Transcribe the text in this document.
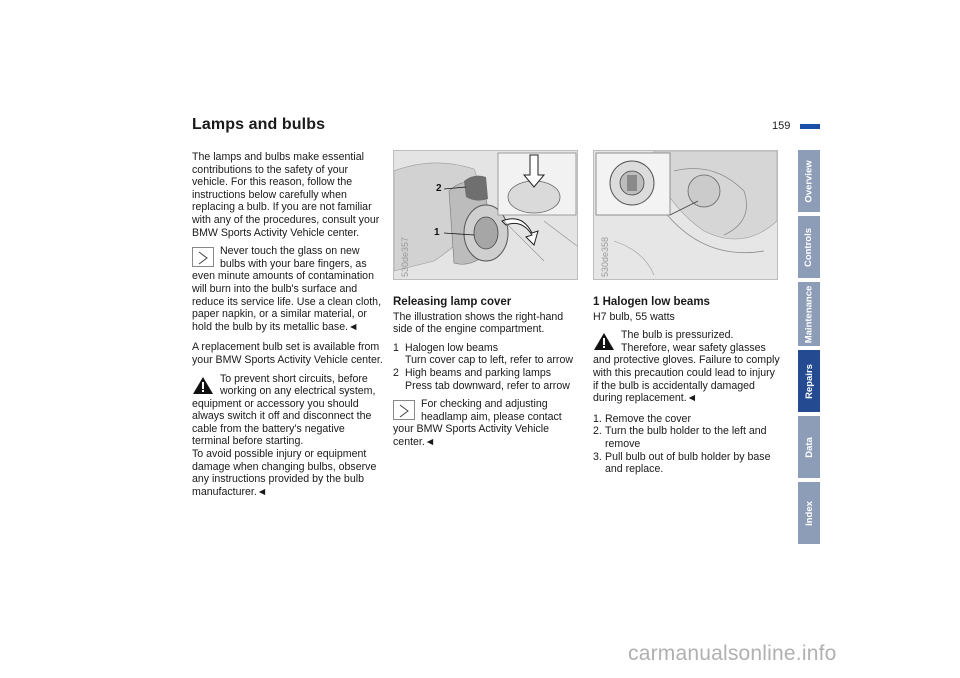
Lamps and bulbs	159

The lamps and bulbs make essential contributions to the safety of your vehicle. For this reason, follow the instructions below carefully when replacing a bulb. If you are not familiar with any of the procedures, consult your BMW Sports Activity Vehicle center.

Never touch the glass on new bulbs with your bare fingers, as even minute amounts of contamination will burn into the bulb's surface and reduce its service life. Use a clean cloth, paper napkin, or a similar material, or hold the bulb by its metallic base.◄

A replacement bulb set is available from your BMW Sports Activity Vehicle center.

To prevent short circuits, before working on any electrical system, equipment or accessory you should always switch it off and disconnect the cable from the battery's negative terminal before starting.
To avoid possible injury or equipment damage when changing bulbs, observe any instructions provided by the bulb manufacturer.◄
2
1
530de357	530de358
Releasing lamp cover

The illustration shows the right-hand side of the engine compartment.

1 Halogen low beams
Turn cover cap to left, refer to arrow
2 High beams and parking lamps
Press tab downward, refer to arrow
For checking and adjusting headlamp aim, please contact your BMW Sports Activity Vehicle center.◄
1 Halogen low beams

H7 bulb, 55 watts

The bulb is pressurized. Therefore, wear safety glasses and protective gloves. Failure to comply with this precaution could lead to injury if the bulb is accidentally damaged during replacement.◄
1. Remove the cover
2. Turn the bulb holder to the left and remove
3. Pull bulb out of bulb holder by base and replace.
Overview
Controls
Maintenance
Repairs
Data
Index
carmanualsonline.info
